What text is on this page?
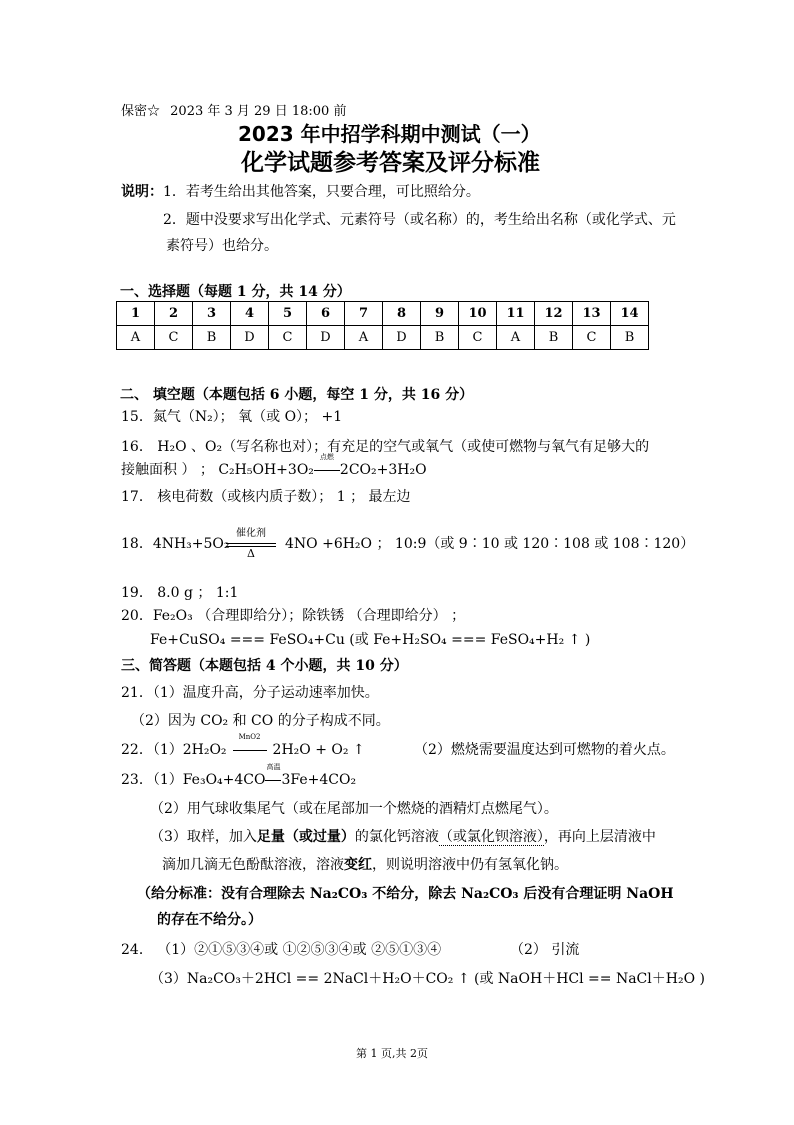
保密☆ 2023 年 3 月 29 日 18:00 前
2023 年中招学科期中测试（一）
化学试题参考答案及评分标准
说明：1．若考生给出其他答案，只要合理，可比照给分。
2．题中没要求写出化学式、元素符号（或名称）的，考生给出名称（或化学式、元
素符号）也给分。
一、选择题（每题 1 分，共 14 分）
1	2	3	4	5	6	7	8	9	10	11	12	13	14
A	C	B	D	C	D	A	D	B	C	A	B	C	B
二、 填空题（本题包括 6 小题，每空 1 分，共 16 分）
15．氮气（N₂）； 氧（或 O）； +1
16． H₂O 、O₂（写名称也对）；有充足的空气或氧气（或使可燃物与氧气有足够大的
接触面积 ） ； C₂H₅OH+3O₂
点燃
2CO₂+3H₂O
17． 核电荷数（或核内质子数）； 1 ； 最左边
18．4NH₃+5O₂
催化剂
Δ
4NO +6H₂O ； 10:9（或 9∶10 或 120∶108 或 108∶120）
19． 8.0 g ； 1:1
20．Fe₂O₃ （合理即给分）；除铁锈 （合理即给分） ；
Fe+CuSO₄ === FeSO₄+Cu (或 Fe+H₂SO₄ === FeSO₄+H₂ ↑ )
三、简答题（本题包括 4 个小题，共 10 分）
21．（1）温度升高，分子运动速率加快。
（2）因为 CO₂ 和 CO 的分子构成不同。
22．（1）2H₂O₂
MnO2
2H₂O + O₂ ↑	（2）燃烧需要温度达到可燃物的着火点。
23．（1）Fe₃O₄+4CO
高温
3Fe+4CO₂
（2）用气球收集尾气（或在尾部加一个燃烧的酒精灯点燃尾气）。
（3）取样，加入足量（或过量）的氯化钙溶液（或氯化钡溶液），再向上层清液中
滴加几滴无色酚酞溶液，溶液变红，则说明溶液中仍有氢氧化钠。
（给分标准：没有合理除去 Na₂CO₃ 不给分，除去 Na₂CO₃ 后没有合理证明 NaOH
的存在不给分。）
24． （1）②①⑤③④或 ①②⑤③④或 ②⑤①③④	（2） 引流
（3）Na₂CO₃＋2HCl == 2NaCl＋H₂O＋CO₂ ↑ (或 NaOH＋HCl == NaCl＋H₂O )
第 1 页,共 2页
